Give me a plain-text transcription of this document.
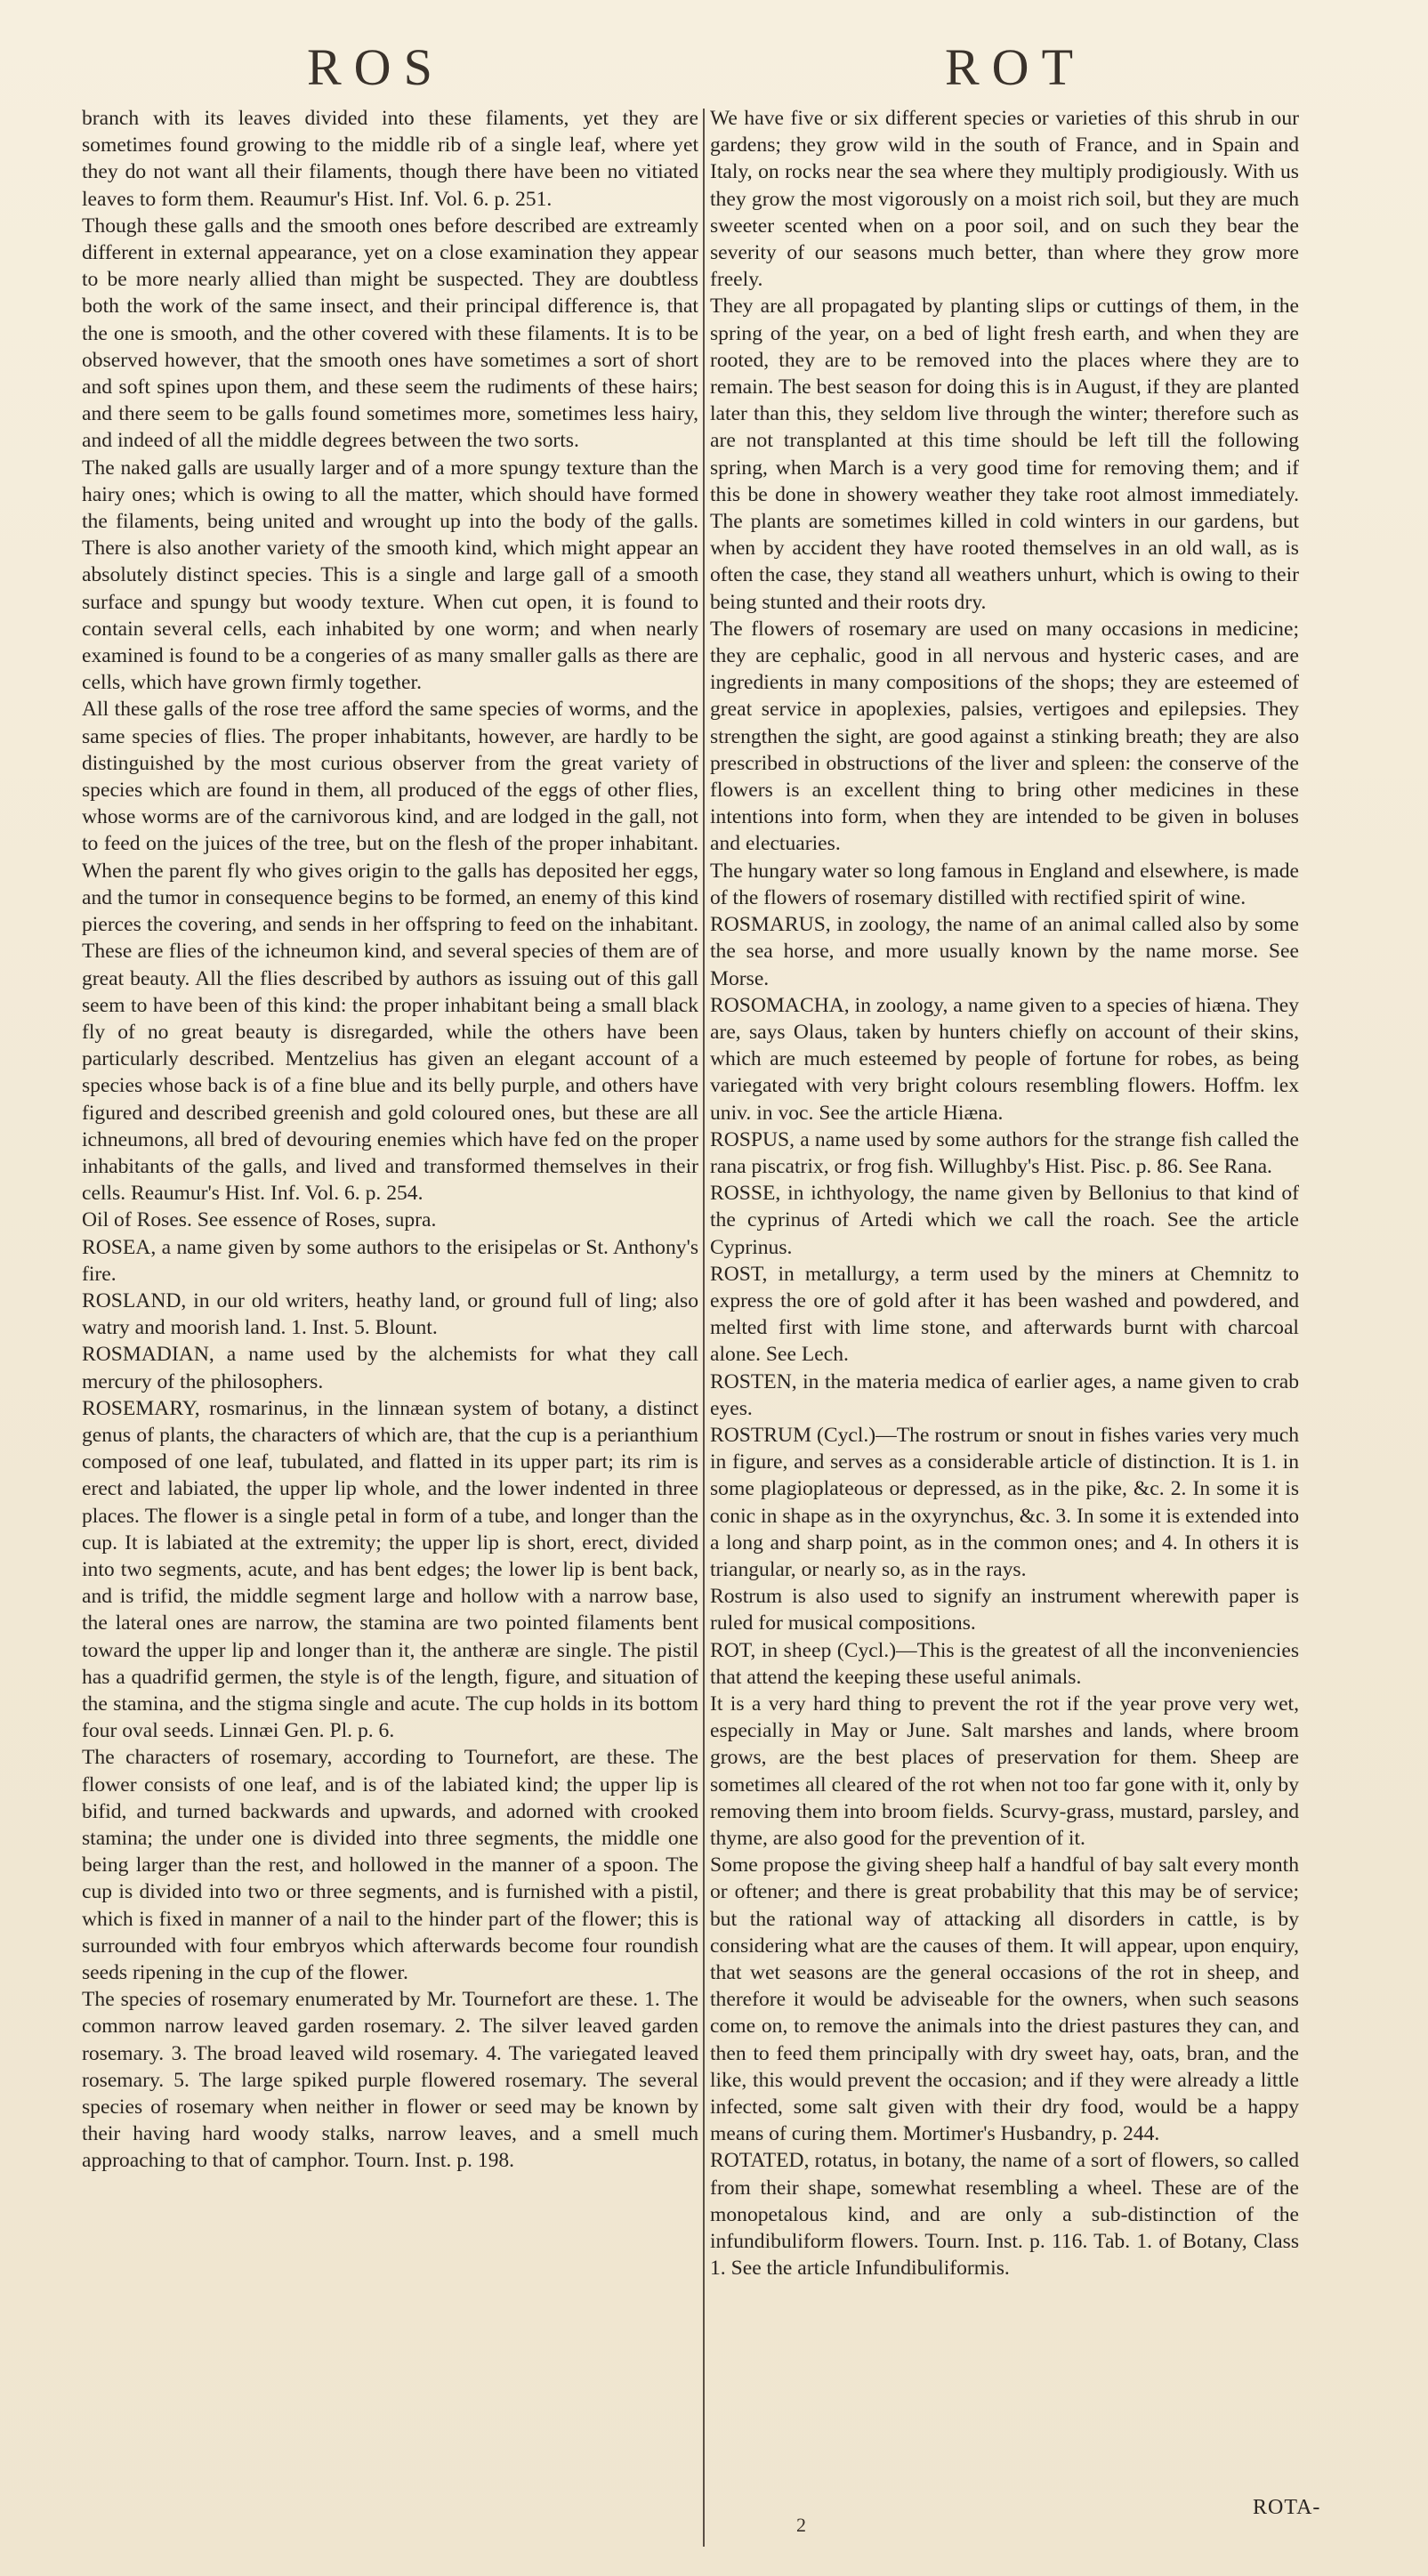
ROS	ROT

branch with its leaves divided into these filaments, yet they are sometimes found growing to the middle rib of a single leaf, where yet they do not want all their filaments, though there have been no vitiated leaves to form them. Reaumur's Hist. Inf. Vol. 6. p. 251.

Though these galls and the smooth ones before described are extreamly different in external appearance, yet on a close examination they appear to be more nearly allied than might be suspected. They are doubtless both the work of the same insect, and their principal difference is, that the one is smooth, and the other covered with these filaments. It is to be observed however, that the smooth ones have sometimes a sort of short and soft spines upon them, and these seem the rudiments of these hairs; and there seem to be galls found sometimes more, sometimes less hairy, and indeed of all the middle degrees between the two sorts.

The naked galls are usually larger and of a more spungy texture than the hairy ones; which is owing to all the matter, which should have formed the filaments, being united and wrought up into the body of the galls. There is also another variety of the smooth kind, which might appear an absolutely distinct species. This is a single and large gall of a smooth surface and spungy but woody texture. When cut open, it is found to contain several cells, each inhabited by one worm; and when nearly examined is found to be a congeries of as many smaller galls as there are cells, which have grown firmly together.

All these galls of the rose tree afford the same species of worms, and the same species of flies. The proper inhabitants, however, are hardly to be distinguished by the most curious observer from the great variety of species which are found in them, all produced of the eggs of other flies, whose worms are of the carnivorous kind, and are lodged in the gall, not to feed on the juices of the tree, but on the flesh of the proper inhabitant. When the parent fly who gives origin to the galls has deposited her eggs, and the tumor in consequence begins to be formed, an enemy of this kind pierces the covering, and sends in her offspring to feed on the inhabitant. These are flies of the ichneumon kind, and several species of them are of great beauty. All the flies described by authors as issuing out of this gall seem to have been of this kind: the proper inhabitant being a small black fly of no great beauty is disregarded, while the others have been particularly described. Mentzelius has given an elegant account of a species whose back is of a fine blue and its belly purple, and others have figured and described greenish and gold coloured ones, but these are all ichneumons, all bred of devouring enemies which have fed on the proper inhabitants of the galls, and lived and transformed themselves in their cells. Reaumur's Hist. Inf. Vol. 6. p. 254.

Oil of Roses. See essence of Roses, supra.

ROSEA, a name given by some authors to the erisipelas or St. Anthony's fire.

ROSLAND, in our old writers, heathy land, or ground full of ling; also watry and moorish land. 1. Inst. 5. Blount.

ROSMADIAN, a name used by the alchemists for what they call mercury of the philosophers.

ROSEMARY, rosmarinus, in the linnæan system of botany, a distinct genus of plants, the characters of which are, that the cup is a perianthium composed of one leaf, tubulated, and flatted in its upper part; its rim is erect and labiated, the upper lip whole, and the lower indented in three places. The flower is a single petal in form of a tube, and longer than the cup. It is labiated at the extremity; the upper lip is short, erect, divided into two segments, acute, and has bent edges; the lower lip is bent back, and is trifid, the middle segment large and hollow with a narrow base, the lateral ones are narrow, the stamina are two pointed filaments bent toward the upper lip and longer than it, the antheræ are single. The pistil has a quadrifid germen, the style is of the length, figure, and situation of the stamina, and the stigma single and acute. The cup holds in its bottom four oval seeds. Linnæi Gen. Pl. p. 6.

The characters of rosemary, according to Tournefort, are these. The flower consists of one leaf, and is of the labiated kind; the upper lip is bifid, and turned backwards and upwards, and adorned with crooked stamina; the under one is divided into three segments, the middle one being larger than the rest, and hollowed in the manner of a spoon. The cup is divided into two or three segments, and is furnished with a pistil, which is fixed in manner of a nail to the hinder part of the flower; this is surrounded with four embryos which afterwards become four roundish seeds ripening in the cup of the flower.

The species of rosemary enumerated by Mr. Tournefort are these. 1. The common narrow leaved garden rosemary. 2. The silver leaved garden rosemary. 3. The broad leaved wild rosemary. 4. The variegated leaved rosemary. 5. The large spiked purple flowered rosemary. The several species of rosemary when neither in flower or seed may be known by their having hard woody stalks, narrow leaves, and a smell much approaching to that of camphor. Tourn. Inst. p. 198.

We have five or six different species or varieties of this shrub in our gardens; they grow wild in the south of France, and in Spain and Italy, on rocks near the sea where they multiply prodigiously. With us they grow the most vigorously on a moist rich soil, but they are much sweeter scented when on a poor soil, and on such they bear the severity of our seasons much better, than where they grow more freely.

They are all propagated by planting slips or cuttings of them, in the spring of the year, on a bed of light fresh earth, and when they are rooted, they are to be removed into the places where they are to remain. The best season for doing this is in August, if they are planted later than this, they seldom live through the winter; therefore such as are not transplanted at this time should be left till the following spring, when March is a very good time for removing them; and if this be done in showery weather they take root almost immediately. The plants are sometimes killed in cold winters in our gardens, but when by accident they have rooted themselves in an old wall, as is often the case, they stand all weathers unhurt, which is owing to their being stunted and their roots dry.

The flowers of rosemary are used on many occasions in medicine; they are cephalic, good in all nervous and hysteric cases, and are ingredients in many compositions of the shops; they are esteemed of great service in apoplexies, palsies, vertigoes and epilepsies. They strengthen the sight, are good against a stinking breath; they are also prescribed in obstructions of the liver and spleen: the conserve of the flowers is an excellent thing to bring other medicines in these intentions into form, when they are intended to be given in boluses and electuaries.

The hungary water so long famous in England and elsewhere, is made of the flowers of rosemary distilled with rectified spirit of wine.

ROSMARUS, in zoology, the name of an animal called also by some the sea horse, and more usually known by the name morse. See Morse.

ROSOMACHA, in zoology, a name given to a species of hiæna. They are, says Olaus, taken by hunters chiefly on account of their skins, which are much esteemed by people of fortune for robes, as being variegated with very bright colours resembling flowers. Hoffm. lex univ. in voc. See the article Hiæna.

ROSPUS, a name used by some authors for the strange fish called the rana piscatrix, or frog fish. Willughby's Hist. Pisc. p. 86. See Rana.

ROSSE, in ichthyology, the name given by Bellonius to that kind of the cyprinus of Artedi which we call the roach. See the article Cyprinus.

ROST, in metallurgy, a term used by the miners at Chemnitz to express the ore of gold after it has been washed and powdered, and melted first with lime stone, and afterwards burnt with charcoal alone. See Lech.

ROSTEN, in the materia medica of earlier ages, a name given to crab eyes.

ROSTRUM (Cycl.)—The rostrum or snout in fishes varies very much in figure, and serves as a considerable article of distinction. It is 1. in some plagioplateous or depressed, as in the pike, &c. 2. In some it is conic in shape as in the oxyrynchus, &c. 3. In some it is extended into a long and sharp point, as in the common ones; and 4. In others it is triangular, or nearly so, as in the rays.

Rostrum is also used to signify an instrument wherewith paper is ruled for musical compositions.

ROT, in sheep (Cycl.)—This is the greatest of all the inconveniencies that attend the keeping these useful animals.

It is a very hard thing to prevent the rot if the year prove very wet, especially in May or June. Salt marshes and lands, where broom grows, are the best places of preservation for them. Sheep are sometimes all cleared of the rot when not too far gone with it, only by removing them into broom fields. Scurvy-grass, mustard, parsley, and thyme, are also good for the prevention of it.

Some propose the giving sheep half a handful of bay salt every month or oftener; and there is great probability that this may be of service; but the rational way of attacking all disorders in cattle, is by considering what are the causes of them. It will appear, upon enquiry, that wet seasons are the general occasions of the rot in sheep, and therefore it would be adviseable for the owners, when such seasons come on, to remove the animals into the driest pastures they can, and then to feed them principally with dry sweet hay, oats, bran, and the like, this would prevent the occasion; and if they were already a little infected, some salt given with their dry food, would be a happy means of curing them. Mortimer's Husbandry, p. 244.

ROTATED, rotatus, in botany, the name of a sort of flowers, so called from their shape, somewhat resembling a wheel. These are of the monopetalous kind, and are only a sub-distinction of the infundibuliform flowers. Tourn. Inst. p. 116. Tab. 1. of Botany, Class 1. See the article Infundibuliformis.

2
ROTA-
